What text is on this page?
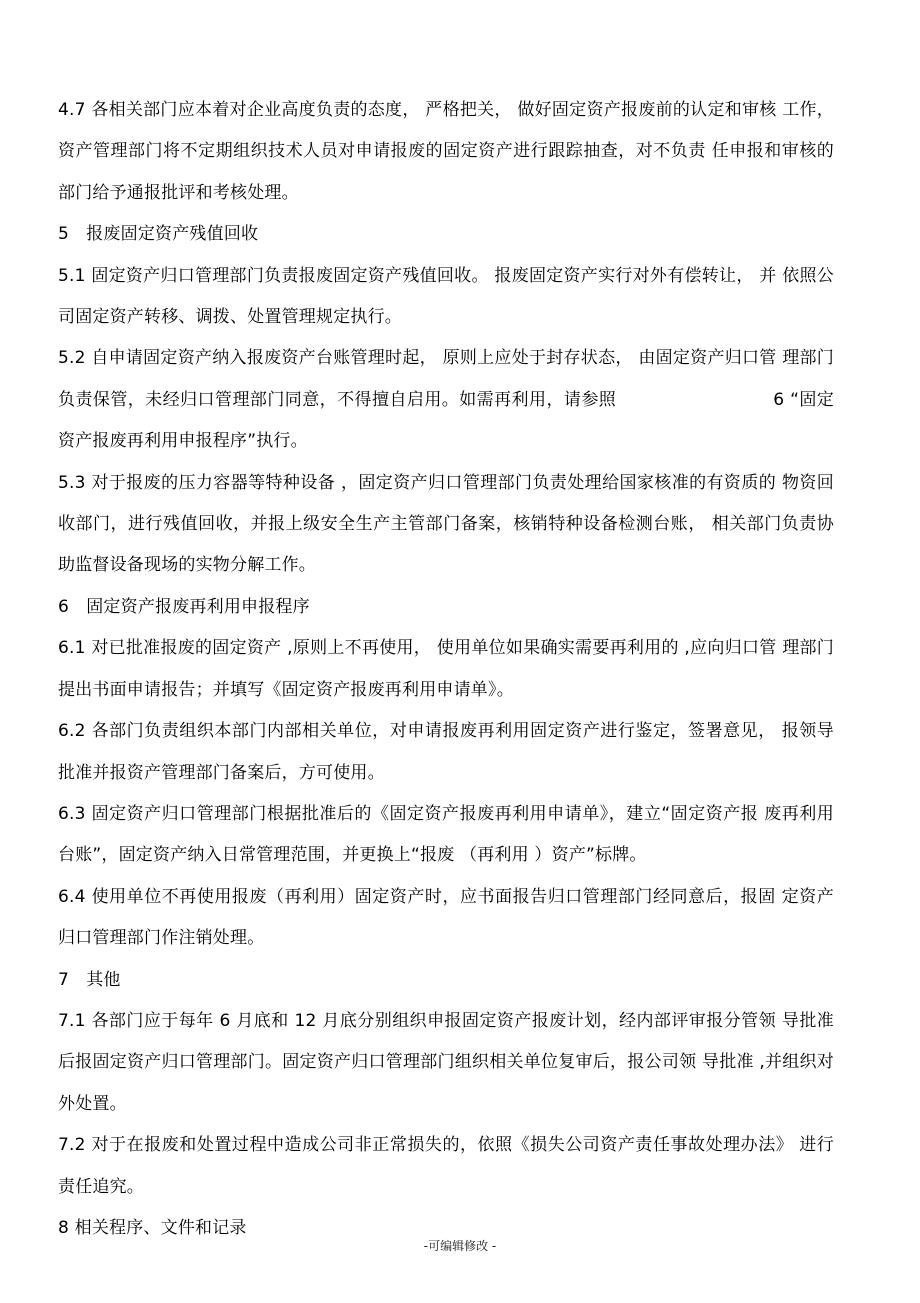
4.7 各相关部门应本着对企业高度负责的态度， 严格把关， 做好固定资产报废前的认定和审核 工作，资产管理部门将不定期组织技术人员对申请报废的固定资产进行跟踪抽查，对不负责 任申报和审核的部门给予通报批评和考核处理。

5　报废固定资产残值回收

5.1 固定资产归口管理部门负责报废固定资产残值回收。 报废固定资产实行对外有偿转让， 并 依照公司固定资产转移、调拨、处置管理规定执行。

5.2 自申请固定资产纳入报废资产台账管理时起， 原则上应处于封存状态， 由固定资产归口管 理部门负责保管，未经归口管理部门同意，不得擅自启用。如需再利用，请参照　　　　　　　　　6 “固定资产报废再利用申报程序”执行。

5.3 对于报废的压力容器等特种设备 ，固定资产归口管理部门负责处理给国家核准的有资质的 物资回收部门，进行残值回收，并报上级安全生产主管部门备案，核销特种设备检测台账， 相关部门负责协助监督设备现场的实物分解工作。

6　固定资产报废再利用申报程序

6.1 对已批准报废的固定资产 ,原则上不再使用， 使用单位如果确实需要再利用的 ,应向归口管 理部门提出书面申请报告；并填写《固定资产报废再利用申请单》。

6.2 各部门负责组织本部门内部相关单位，对申请报废再利用固定资产进行鉴定，签署意见， 报领导批准并报资产管理部门备案后，方可使用。

6.3 固定资产归口管理部门根据批准后的《固定资产报废再利用申请单》，建立“固定资产报 废再利用台账”，固定资产纳入日常管理范围，并更换上“报废 （再利用 ）资产”标牌。

6.4 使用单位不再使用报废（再利用）固定资产时，应书面报告归口管理部门经同意后，报固 定资产归口管理部门作注销处理。

7　其他

7.1 各部门应于每年 6 月底和 12 月底分别组织申报固定资产报废计划，经内部评审报分管领 导批准后报固定资产归口管理部门。固定资产归口管理部门组织相关单位复审后，报公司领 导批准 ,并组织对外处置。

7.2 对于在报废和处置过程中造成公司非正常损失的，依照《损失公司资产责任事故处理办法》 进行责任追究。

8 相关程序、文件和记录

-可编辑修改 -
